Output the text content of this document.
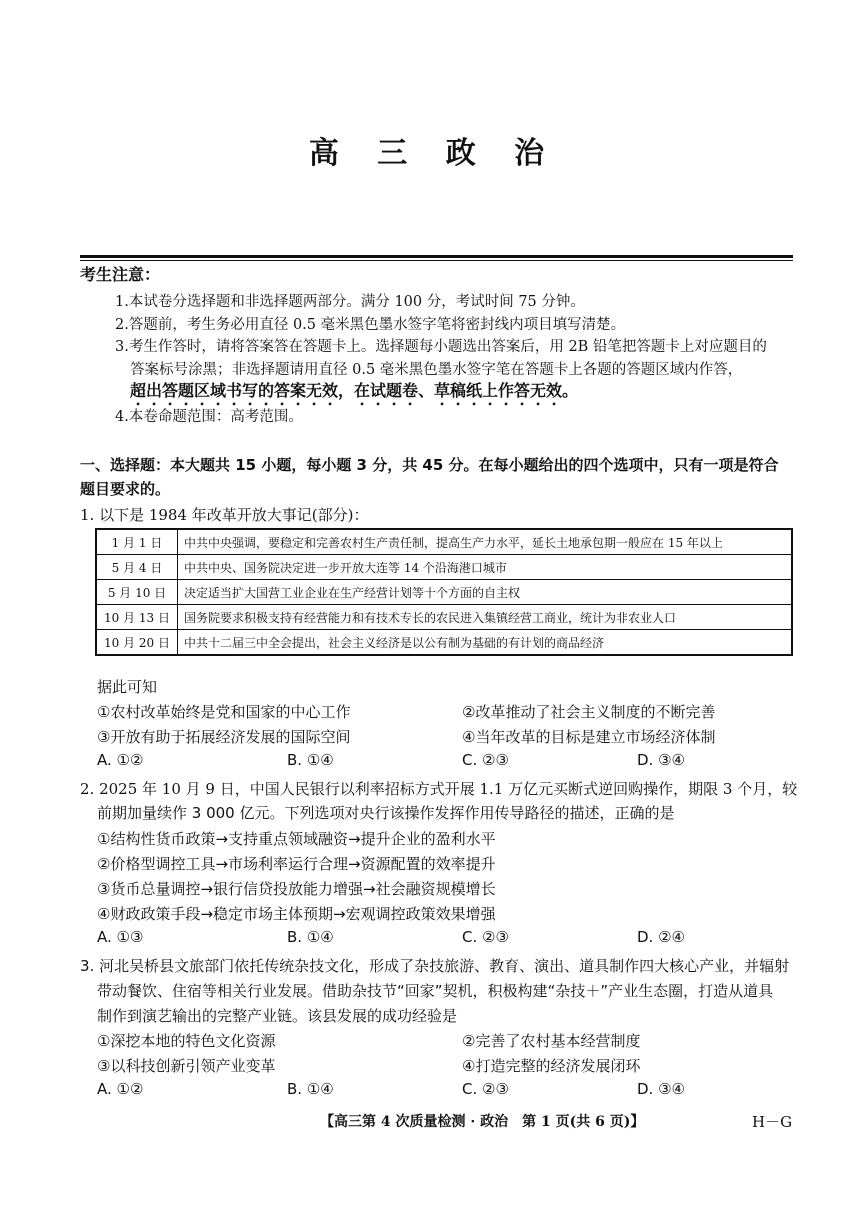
高 三 政 治
考生注意：
1.本试卷分选择题和非选择题两部分。满分 100 分，考试时间 75 分钟。
2.答题前，考生务必用直径 0.5 毫米黑色墨水签字笔将密封线内项目填写清楚。
3.考生作答时，请将答案答在答题卡上。选择题每小题选出答案后，用 2B 铅笔把答题卡上对应题目的
答案标号涂黑；非选择题请用直径 0.5 毫米黑色墨水签字笔在答题卡上各题的答题区域内作答，
超出答题区域书写的答案无效，在试题卷、草稿纸上作答无效。
4.本卷命题范围：高考范围。
一、选择题：本大题共 15 小题，每小题 3 分，共 45 分。在每小题给出的四个选项中，只有一项是符合题目要求的。
1. 以下是 1984 年改革开放大事记(部分)：
1 月 1 日	中共中央强调，要稳定和完善农村生产责任制，提高生产力水平，延长土地承包期一般应在 15 年以上
5 月 4 日	中共中央、国务院决定进一步开放大连等 14 个沿海港口城市
5 月 10 日	决定适当扩大国营工业企业在生产经营计划等十个方面的自主权
10 月 13 日	国务院要求积极支持有经营能力和有技术专长的农民进入集镇经营工商业，统计为非农业人口
10 月 20 日	中共十二届三中全会提出，社会主义经济是以公有制为基础的有计划的商品经济
据此可知
①农村改革始终是党和国家的中心工作	②改革推动了社会主义制度的不断完善
③开放有助于拓展经济发展的国际空间	④当年改革的目标是建立市场经济体制
A. ①②	B. ①④	C. ②③	D. ③④
2. 2025 年 10 月 9 日，中国人民银行以利率招标方式开展 1.1 万亿元买断式逆回购操作，期限 3 个月，较
前期加量续作 3 000 亿元。下列选项对央行该操作发挥作用传导路径的描述，正确的是
①结构性货币政策→支持重点领域融资→提升企业的盈利水平
②价格型调控工具→市场利率运行合理→资源配置的效率提升
③货币总量调控→银行信贷投放能力增强→社会融资规模增长
④财政政策手段→稳定市场主体预期→宏观调控政策效果增强
A. ①③	B. ①④	C. ②③	D. ②④
3. 河北吴桥县文旅部门依托传统杂技文化，形成了杂技旅游、教育、演出、道具制作四大核心产业，并辐射
带动餐饮、住宿等相关行业发展。借助杂技节“回家”契机，积极构建“杂技＋”产业生态圈，打造从道具
制作到演艺输出的完整产业链。该县发展的成功经验是
①深挖本地的特色文化资源	②完善了农村基本经营制度
③以科技创新引领产业变革	④打造完整的经济发展闭环
A. ①②	B. ①④	C. ②③	D. ③④
【高三第 4 次质量检测 · 政治　第 1 页(共 6 页)】	H－G
